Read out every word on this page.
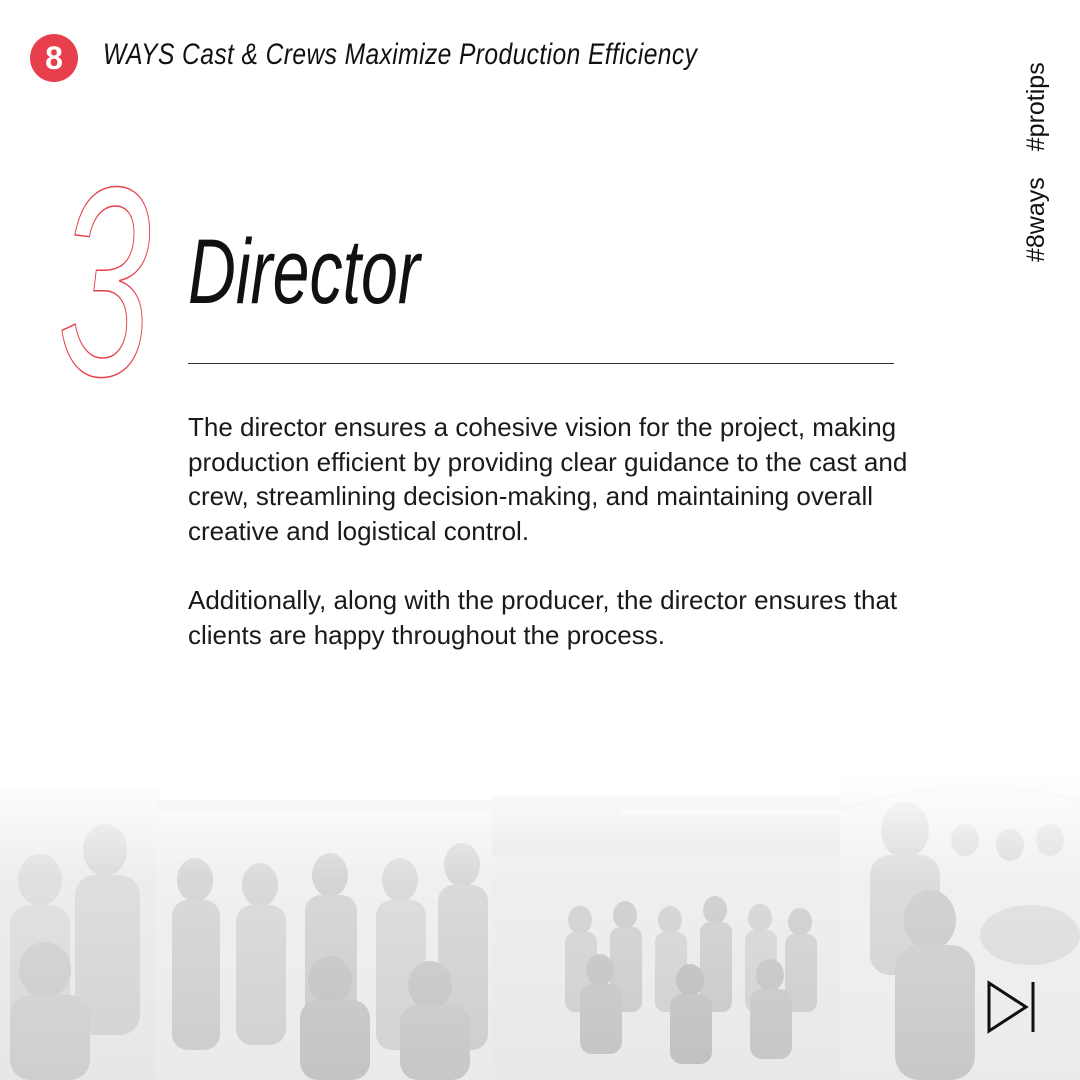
8 WAYS Cast & Crews Maximize Production Efficiency
#8ways
#protips
3 Director

The director ensures a cohesive vision for the project, making production efficient by providing clear guidance to the cast and crew, streamlining decision-making, and maintaining overall creative and logistical control.

Additionally, along with the producer, the director ensures that clients are happy throughout the process.
